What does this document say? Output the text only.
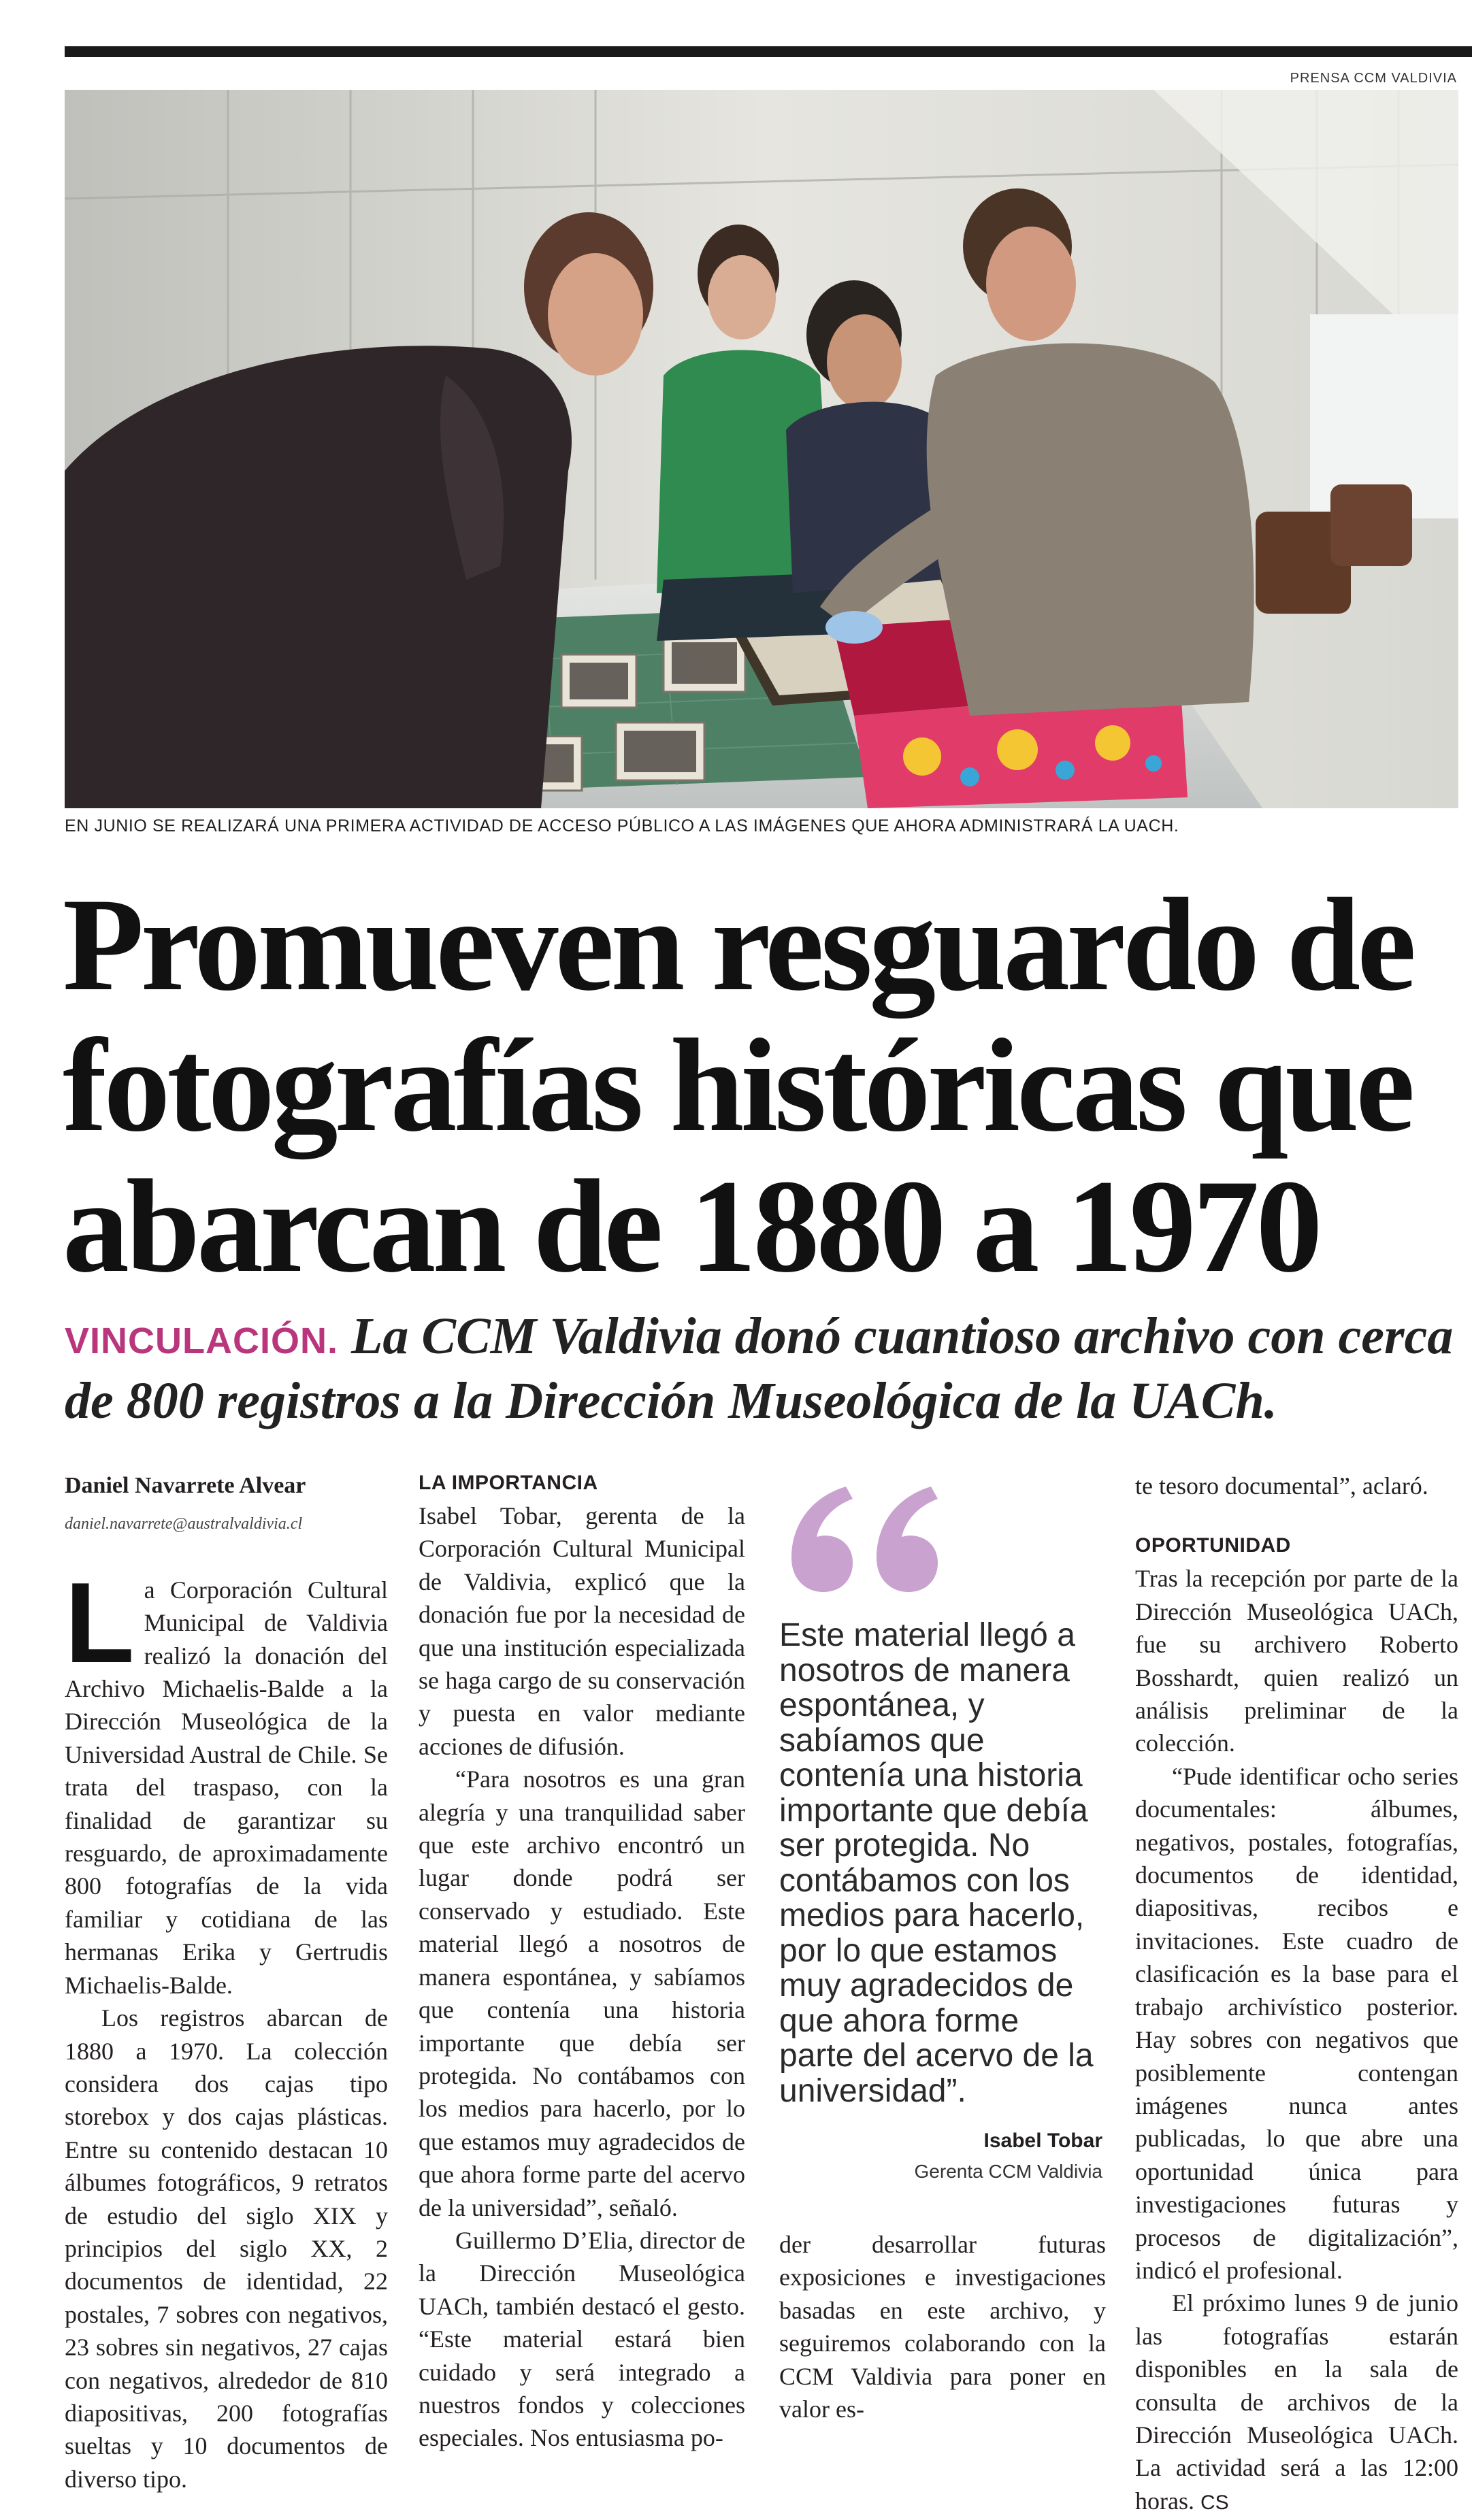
PRENSA CCM VALDIVIA
EN JUNIO SE REALIZARÁ UNA PRIMERA ACTIVIDAD DE ACCESO PÚBLICO A LAS IMÁGENES QUE AHORA ADMINISTRARÁ LA UACH.
Promueven resguardo de
fotografías históricas que
abarcan de 1880 a 1970
VINCULACIÓN. La CCM Valdivia donó cuantioso archivo con cerca de 800 registros a la Dirección Museológica de la UACh.
Daniel Navarrete Alvear
daniel.navarrete@australvaldivia.cl

La Corporación Cultural Municipal de Valdivia realizó la donación del Archivo Michaelis-Balde a la Dirección Museológica de la Universidad Austral de Chile. Se trata del traspaso, con la finalidad de garantizar su resguardo, de aproximadamente 800 fotografías de la vida familiar y cotidiana de las hermanas Erika y Gertrudis Michaelis-Balde.

Los registros abarcan de 1880 a 1970. La colección considera dos cajas tipo storebox y dos cajas plásticas. Entre su contenido destacan 10 álbumes fotográficos, 9 retratos de estudio del siglo XIX y principios del siglo XX, 2 documentos de identidad, 22 postales, 7 sobres con negativos, 23 sobres sin negativos, 27 cajas con negativos, alrededor de 810 diapositivas, 200 fotografías sueltas y 10 documentos de diverso tipo.

LA IMPORTANCIA

Isabel Tobar, gerenta de la Corporación Cultural Municipal de Valdivia, explicó que la donación fue por la necesidad de que una institución especializada se haga cargo de su conservación y puesta en valor mediante acciones de difusión.

“Para nosotros es una gran alegría y una tranquilidad saber que este archivo encontró un lugar donde podrá ser conservado y estudiado. Este material llegó a nosotros de manera espontánea, y sabíamos que contenía una historia importante que debía ser protegida. No contábamos con los medios para hacerlo, por lo que estamos muy agradecidos de que ahora forme parte del acervo de la universidad”, señaló.

Guillermo D’Elia, director de la Dirección Museológica UACh, también destacó el gesto. “Este material estará bien cuidado y será integrado a nuestros fondos y colecciones especiales. Nos entusiasma po-

Este material llegó a nosotros de manera espontánea, y sabíamos que contenía una historia importante que debía ser protegida. No contábamos con los medios para hacerlo, por lo que estamos muy agradecidos de que ahora forme parte del acervo de la universidad”.
Isabel Tobar
Gerenta CCM Valdivia

der desarrollar futuras exposiciones e investigaciones basadas en este archivo, y seguiremos colaborando con la CCM Valdivia para poner en valor es-

te tesoro documental”, aclaró.

OPORTUNIDAD

Tras la recepción por parte de la Dirección Museológica UACh, fue su archivero Roberto Bosshardt, quien realizó un análisis preliminar de la colección.

“Pude identificar ocho series documentales: álbumes, negativos, postales, fotografías, documentos de identidad, diapositivas, recibos e invitaciones. Este cuadro de clasificación es la base para el trabajo archivístico posterior. Hay sobres con negativos que posiblemente contengan imágenes nunca antes publicadas, lo que abre una oportunidad única para investigaciones futuras y procesos de digitalización”, indicó el profesional.

El próximo lunes 9 de junio las fotografías estarán disponibles en la sala de consulta de archivos de la Dirección Museológica UACh. La actividad será a las 12:00 horas. CS
